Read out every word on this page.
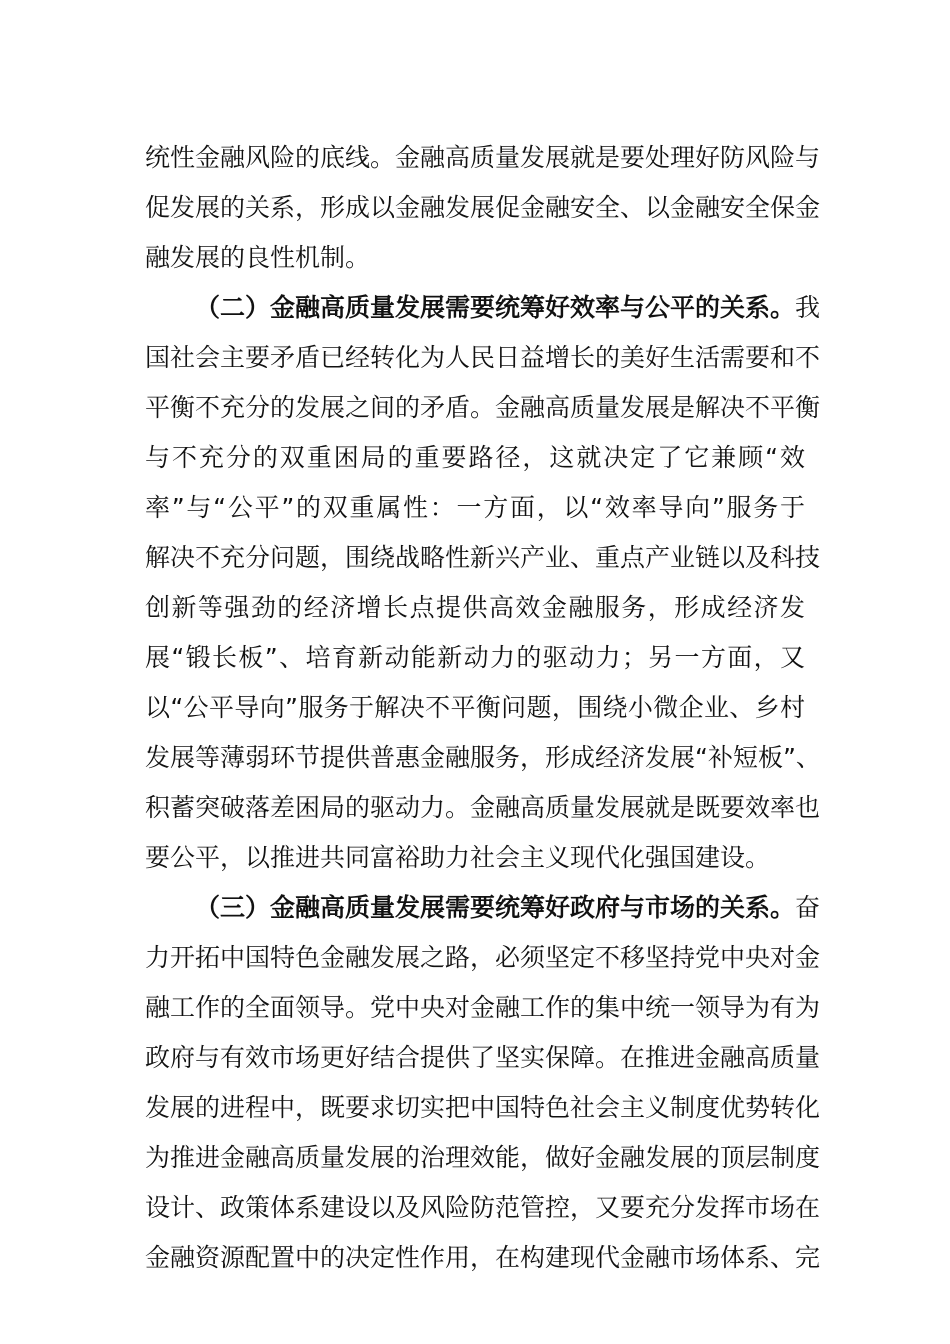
统性金融风险的底线。金融高质量发展就是要处理好防风险与
促发展的关系，形成以金融发展促金融安全、以金融安全保金
融发展的良性机制。
（二）金融高质量发展需要统筹好效率与公平的关系。我
国社会主要矛盾已经转化为人民日益增长的美好生活需要和不
平衡不充分的发展之间的矛盾。金融高质量发展是解决不平衡
与不充分的双重困局的重要路径，这就决定了它兼顾“效
率”与“公平”的双重属性：一方面，以“效率导向”服务于
解决不充分问题，围绕战略性新兴产业、重点产业链以及科技
创新等强劲的经济增长点提供高效金融服务，形成经济发
展“锻长板”、培育新动能新动力的驱动力；另一方面，又
以“公平导向”服务于解决不平衡问题，围绕小微企业、乡村
发展等薄弱环节提供普惠金融服务，形成经济发展“补短板”、
积蓄突破落差困局的驱动力。金融高质量发展就是既要效率也
要公平，以推进共同富裕助力社会主义现代化强国建设。
（三）金融高质量发展需要统筹好政府与市场的关系。奋
力开拓中国特色金融发展之路，必须坚定不移坚持党中央对金
融工作的全面领导。党中央对金融工作的集中统一领导为有为
政府与有效市场更好结合提供了坚实保障。在推进金融高质量
发展的进程中，既要求切实把中国特色社会主义制度优势转化
为推进金融高质量发展的治理效能，做好金融发展的顶层制度
设计、政策体系建设以及风险防范管控，又要充分发挥市场在
金融资源配置中的决定性作用，在构建现代金融市场体系、完
